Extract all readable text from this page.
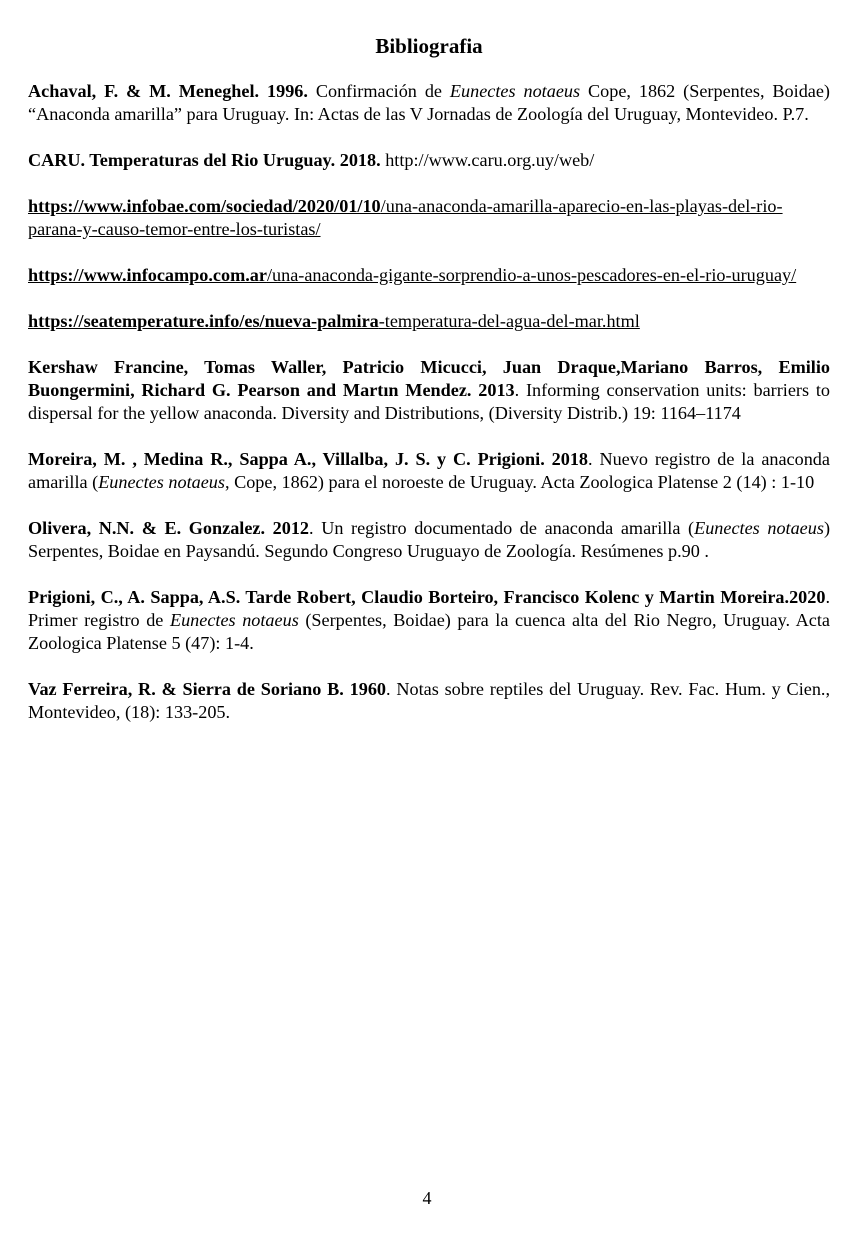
Bibliografia

Achaval, F. & M. Meneghel. 1996. Confirmación de Eunectes notaeus Cope, 1862 (Serpentes, Boidae) “Anaconda amarilla” para Uruguay. In: Actas de las V Jornadas de Zoología del Uruguay, Montevideo. P.7.

CARU. Temperaturas del Rio Uruguay. 2018. http://www.caru.org.uy/web/

https://www.infobae.com/sociedad/2020/01/10/una-anaconda-amarilla-aparecio-en-las-playas-del-rio-parana-y-causo-temor-entre-los-turistas/

https://www.infocampo.com.ar/una-anaconda-gigante-sorprendio-a-unos-pescadores-en-el-rio-uruguay/

https://seatemperature.info/es/nueva-palmira-temperatura-del-agua-del-mar.html

Kershaw Francine, Tomas Waller, Patricio Micucci, Juan Draque,Mariano Barros, Emilio Buongermini, Richard G. Pearson and Martın Mendez. 2013. Informing conservation units: barriers to dispersal for the yellow anaconda. Diversity and Distributions, (Diversity Distrib.) 19: 1164–1174

Moreira, M. , Medina R., Sappa A., Villalba, J. S. y C. Prigioni. 2018. Nuevo registro de la anaconda amarilla (Eunectes notaeus, Cope, 1862) para el noroeste de Uruguay. Acta Zoologica Platense 2 (14) : 1-10

Olivera, N.N. & E. Gonzalez. 2012. Un registro documentado de anaconda amarilla (Eunectes notaeus) Serpentes, Boidae en Paysandú. Segundo Congreso Uruguayo de Zoología. Resúmenes p.90 .

Prigioni, C., A. Sappa, A.S. Tarde Robert, Claudio Borteiro, Francisco Kolenc y Martin Moreira.2020. Primer registro de Eunectes notaeus (Serpentes, Boidae) para la cuenca alta del Rio Negro, Uruguay. Acta Zoologica Platense 5 (47): 1-4.

Vaz Ferreira, R. & Sierra de Soriano B. 1960. Notas sobre reptiles del Uruguay. Rev. Fac. Hum. y Cien., Montevideo, (18): 133-205.

4
